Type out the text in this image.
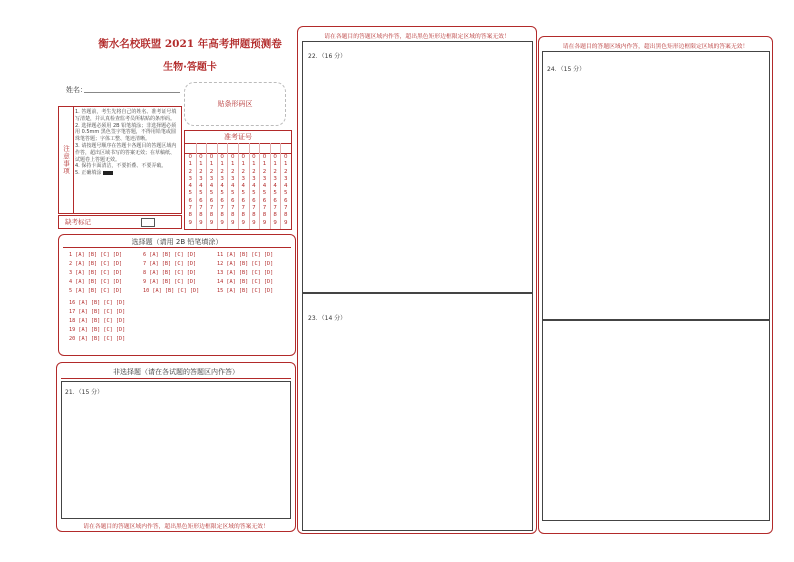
衡水名校联盟 2021 年高考押题预测卷
生物·答题卡
姓名：
贴条形码区
注意事项
1. 答题前，考生先将自己的姓名、准考证号填写清楚，并认真检查监考员所粘贴的条形码。
2. 选择题必须用 2B 铅笔填涂；非选择题必须用 0.5mm 黑色签字笔答题，不得用铅笔或圆珠笔答题；字体工整、笔迹清晰。
3. 请按题号顺序在答题卡各题目的答题区域内作答，超出区域书写的答案无效；在草稿纸、试题卷上答题无效。
4. 保持卡面清洁，不要折叠、不要弄破。
5. 正确填涂
缺考标记
准考证号
0
1
2
3
4
5
6
7
8
9
0
1
2
3
4
5
6
7
8
9
0
1
2
3
4
5
6
7
8
9
0
1
2
3
4
5
6
7
8
9
0
1
2
3
4
5
6
7
8
9
0
1
2
3
4
5
6
7
8
9
0
1
2
3
4
5
6
7
8
9
0
1
2
3
4
5
6
7
8
9
0
1
2
3
4
5
6
7
8
9
0
1
2
3
4
5
6
7
8
9
选择题（请用 2B 铅笔填涂）
1 [A] [B] [C] [D]
2 [A] [B] [C] [D]
3 [A] [B] [C] [D]
4 [A] [B] [C] [D]
5 [A] [B] [C] [D]
6 [A] [B] [C] [D]
7 [A] [B] [C] [D]
8 [A] [B] [C] [D]
9 [A] [B] [C] [D]
10 [A] [B] [C] [D]
11 [A] [B] [C] [D]
12 [A] [B] [C] [D]
13 [A] [B] [C] [D]
14 [A] [B] [C] [D]
15 [A] [B] [C] [D]
16 [A] [B] [C] [D]
17 [A] [B] [C] [D]
18 [A] [B] [C] [D]
19 [A] [B] [C] [D]
20 [A] [B] [C] [D]
非选择题（请在各试题的答题区内作答）
21．（15 分）
请在各题目的答题区域内作答，超出黑色矩形边框限定区域的答案无效！
请在各题目的答题区域内作答，超出黑色矩形边框限定区域的答案无效！
22．（16 分）
23．（14 分）
请在各题目的答题区域内作答，超出黑色矩形边框限定区域的答案无效！
24．（15 分）
